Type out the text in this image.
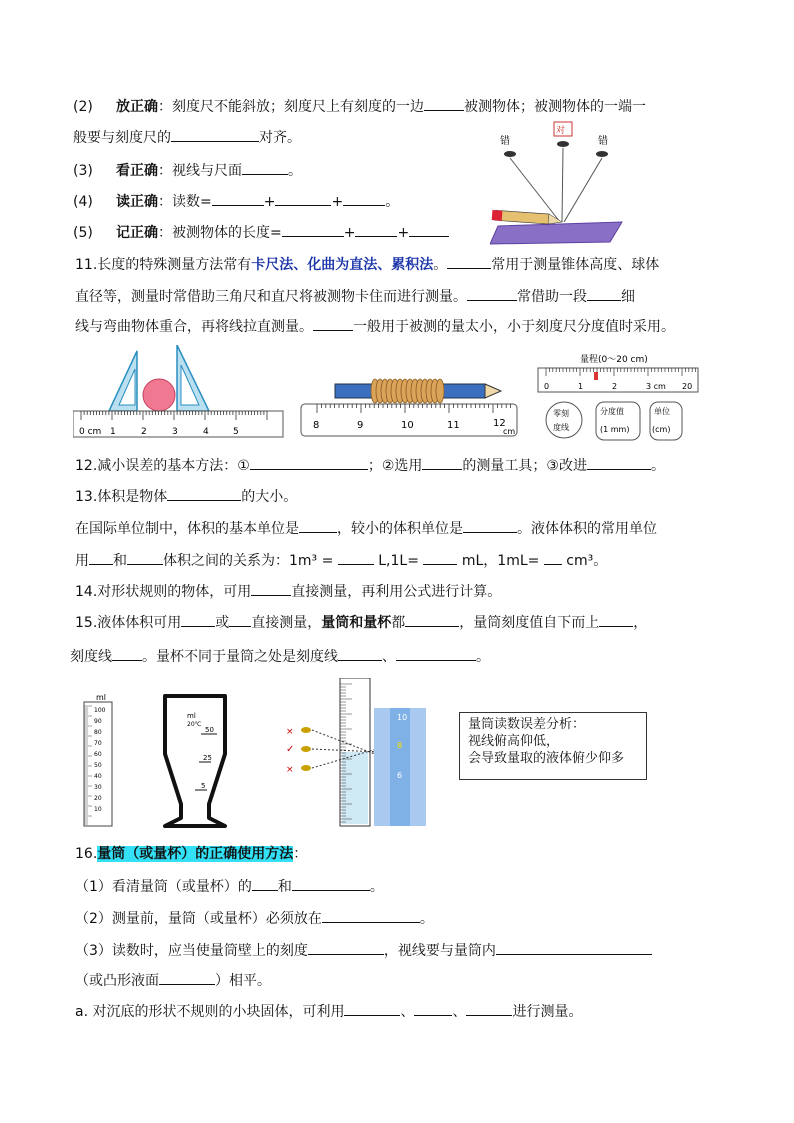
(2) 放正确：刻度尺不能斜放；刻度尺上有刻度的一边	被测物体；被测物体的一端一
般要与刻度尺的	对齐。
(3) 看正确：视线与尺面	。
(4) 读正确：读数=	+	+	。
(5) 记正确：被测物体的长度=	+	+
错
对
错
11.长度的特殊测量方法常有卡尺法、化曲为直法、累积法。	常用于测量锥体高度、球体
直径等，测量时常借助三角尺和直尺将被测物卡住而进行测量。	常借助一段 细
线与弯曲物体重合，再将线拉直测量。	一般用于被测的量太小，小于刻度尺分度值时采用。
0 cm 1	2	3	4	5
8	9	10	11	12
cm
量程(0～20 cm)
0	1	2	3 cm 20
零刻
度线
分度值
(1 mm)
单位
(cm)
12.减小误差的基本方法：①	；②选用	的测量工具；③改进	。
13.体积是物体	的大小。
在国际单位制中，体积的基本单位是	，较小的体积单位是	。液体体积的常用单位
用 和	体积之间的关系为：1m³ =	L,1L=	mL，1mL= cm³。
14.对形状规则的物体，可用	直接测量，再利用公式进行计算。
15.液体体积可用 或 直接测量，量筒和量杯都	，量筒刻度值自下而上 ，
刻度线 。量杯不同于量筒之处是刻度线	、	。
ml
100
90
80
70
60
50
40
30
20
10
ml
20℃
50
25
5
×
✓
×
10
8
6
量筒读数误差分析：
视线俯高仰低，
会导致量取的液体俯少仰多
16.量筒（或量杯）的正确使用方法：
（1）看清量筒（或量杯）的 和	。
（2）测量前，量筒（或量杯）必须放在	。
（3）读数时，应当使量筒壁上的刻度	，视线要与量筒内
（或凸形液面	）相平。
a. 对沉底的形状不规则的小块固体，可利用	、	、	进行测量。
